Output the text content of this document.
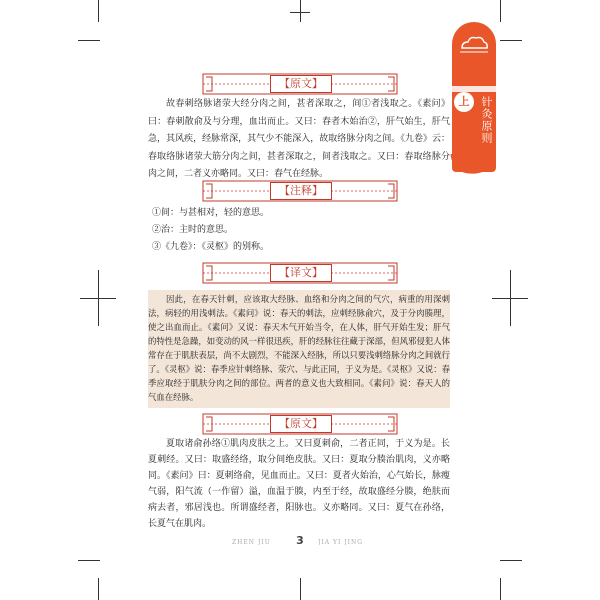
上篇 针灸原则
【原文】

故春刺络脉诸荥大经分肉之间，甚者深取之，间①者浅取之。《素问》曰：春刺散俞及与分理，血出而止。又曰：春者木始治②，肝气始生，肝气急，其风疾，经脉常深，其气少不能深入，故取络脉分肉之间。《九卷》云：春取络脉诸荥大筋分肉之间，甚者深取之，间者浅取之。又曰：春取络脉分肉之间，二者义亦略同。又曰：春气在经脉。

【注释】
①间：与甚相对，轻的意思。
②治：主时的意思。
③《九卷》：《灵枢》的别称。
【译文】

因此，在春天针刺，应该取大经脉、血络和分肉之间的气穴，病重的用深刺法，病轻的用浅刺法。《素问》说：春天的刺法，应刺经脉俞穴，及于分肉腠理，使之出血而止。《素问》又说：春天木气开始当令，在人体，肝气开始生发；肝气的特性是急躁，如变动的风一样很迅疾，肝的经脉往往藏于深部，但风邪侵犯人体常存在于肌肤表层，尚不太剧烈，不能深入经脉，所以只要浅刺络脉分肉之间就行了。《灵枢》说：春季应针刺络脉、荥穴、与此正同，于义为是。《灵枢》又说：春季应取经于肌肤分肉之间的部位。两者的意义也大致相同。《素问》说：春天人的气血在经脉。

【原文】

夏取诸俞孙络①肌肉皮肤之上。又曰夏刺俞，二者正同，于义为是。长夏刺经。又曰：取盛经络，取分间绝皮肤。又曰：夏取分腠治肌肉，义亦略同。《素问》曰：夏刺络俞，见血而止。又曰：夏者火始治，心气始长，脉瘦气弱，阳气流（一作留）溢，血温于腠，内至于经，故取盛经分腠，绝肤而病去者，邪居浅也。所谓盛经者，阳脉也。义亦略同。又曰：夏气在孙络，长夏气在肌肉。

ZHEN JIU	3	JIA YI JING
